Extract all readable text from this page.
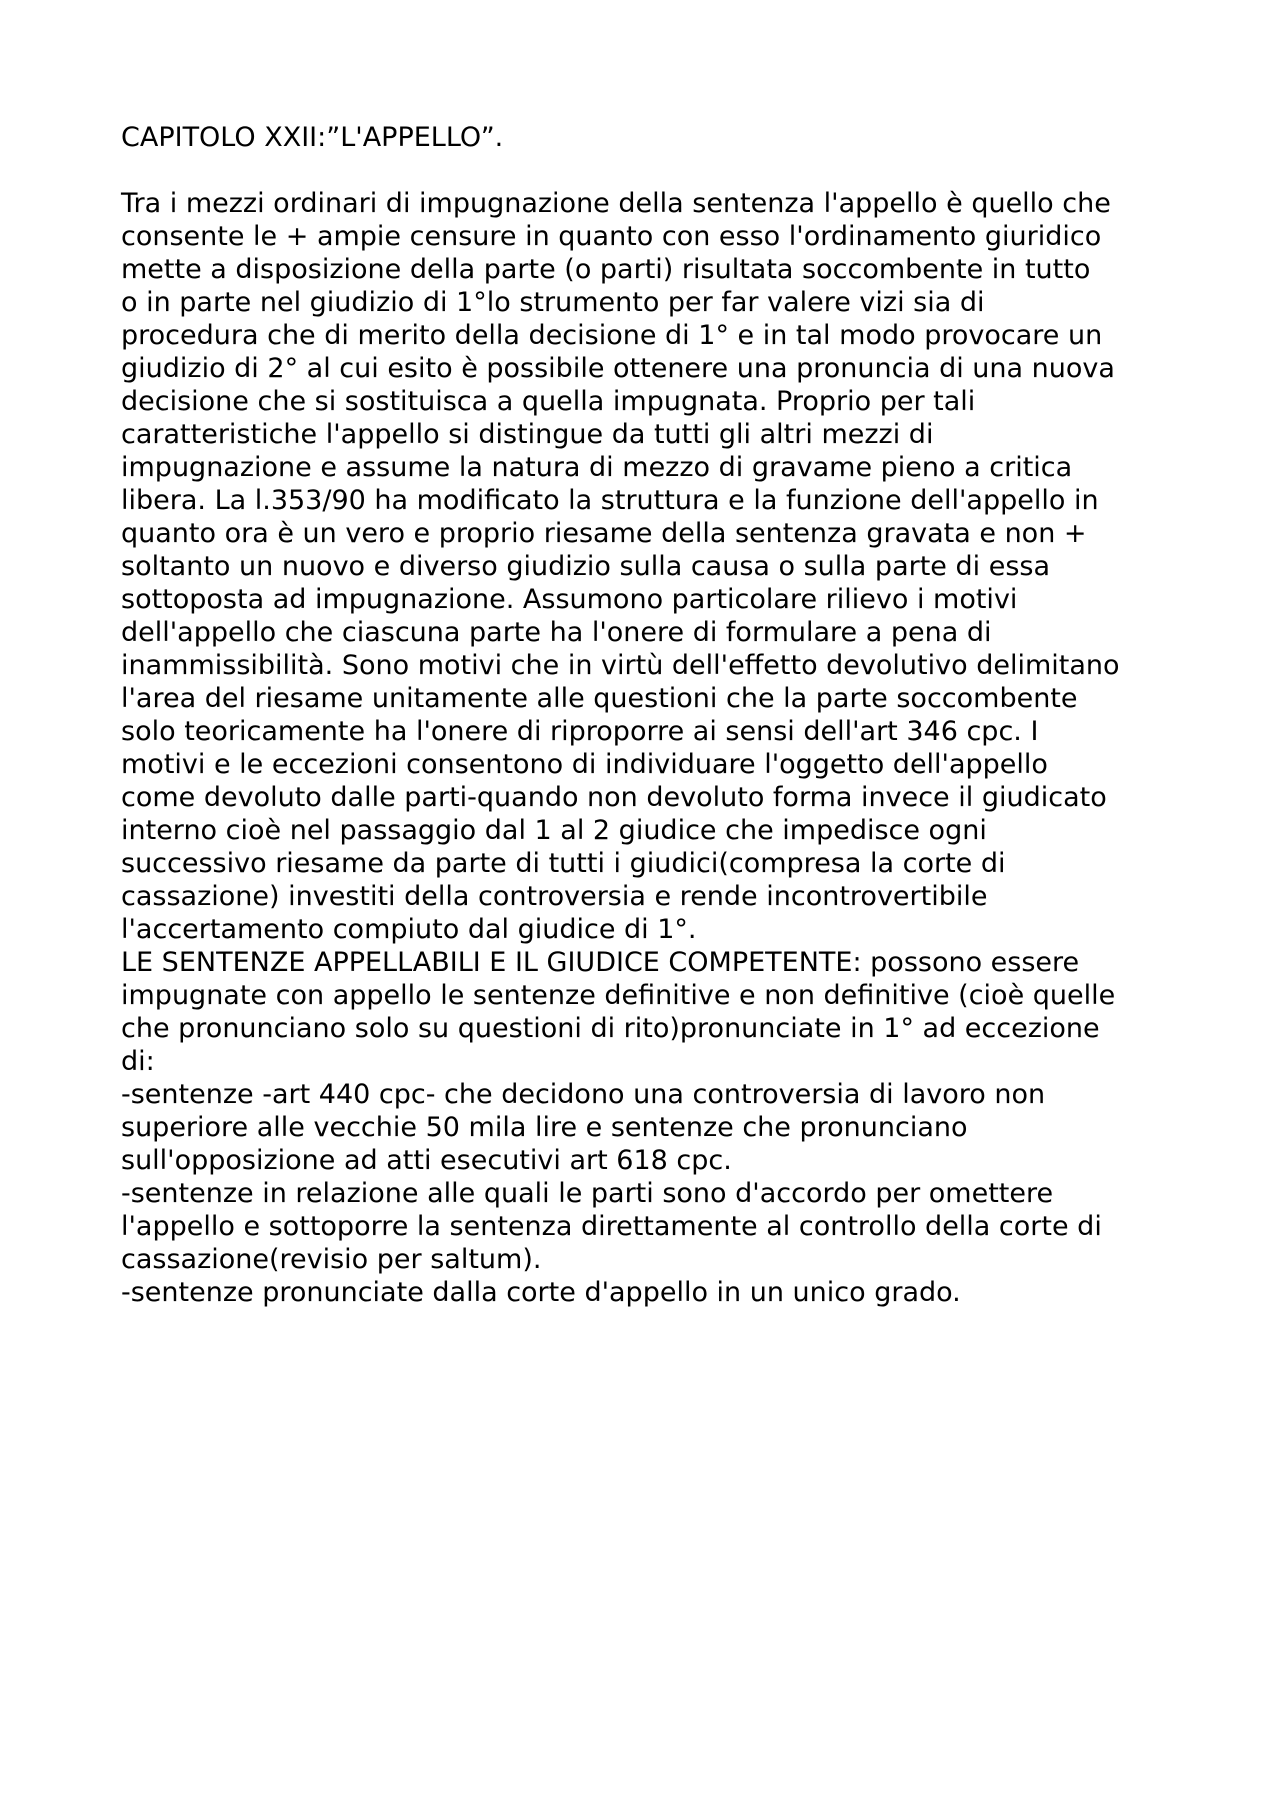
CAPITOLO XXII:”L'APPELLO”.
Tra i mezzi ordinari di impugnazione della sentenza l'appello è quello che
consente le + ampie censure in quanto con esso l'ordinamento giuridico
mette a disposizione della parte (o parti) risultata soccombente in tutto
o in parte nel giudizio di 1°lo strumento per far valere vizi sia di
procedura che di merito della decisione di 1° e in tal modo provocare un
giudizio di 2° al cui esito è possibile ottenere una pronuncia di una nuova
decisione che si sostituisca a quella impugnata. Proprio per tali
caratteristiche l'appello si distingue da tutti gli altri mezzi di
impugnazione e assume la natura di mezzo di gravame pieno a critica
libera. La l.353/90 ha modificato la struttura e la funzione dell'appello in
quanto ora è un vero e proprio riesame della sentenza gravata e non +
soltanto un nuovo e diverso giudizio sulla causa o sulla parte di essa
sottoposta ad impugnazione. Assumono particolare rilievo i motivi
dell'appello che ciascuna parte ha l'onere di formulare a pena di
inammissibilità. Sono motivi che in virtù dell'effetto devolutivo delimitano
l'area del riesame unitamente alle questioni che la parte soccombente
solo teoricamente ha l'onere di riproporre ai sensi dell'art 346 cpc. I
motivi e le eccezioni consentono di individuare l'oggetto dell'appello
come devoluto dalle parti-quando non devoluto forma invece il giudicato
interno cioè nel passaggio dal 1 al 2 giudice che impedisce ogni
successivo riesame da parte di tutti i giudici(compresa la corte di
cassazione) investiti della controversia e rende incontrovertibile
l'accertamento compiuto dal giudice di 1°.
LE SENTENZE APPELLABILI E IL GIUDICE COMPETENTE: possono essere
impugnate con appello le sentenze definitive e non definitive (cioè quelle
che pronunciano solo su questioni di rito)pronunciate in 1° ad eccezione
di:
-sentenze -art 440 cpc- che decidono una controversia di lavoro non
superiore alle vecchie 50 mila lire e sentenze che pronunciano
sull'opposizione ad atti esecutivi art 618 cpc.
-sentenze in relazione alle quali le parti sono d'accordo per omettere
l'appello e sottoporre la sentenza direttamente al controllo della corte di
cassazione(revisio per saltum).
-sentenze pronunciate dalla corte d'appello in un unico grado.
